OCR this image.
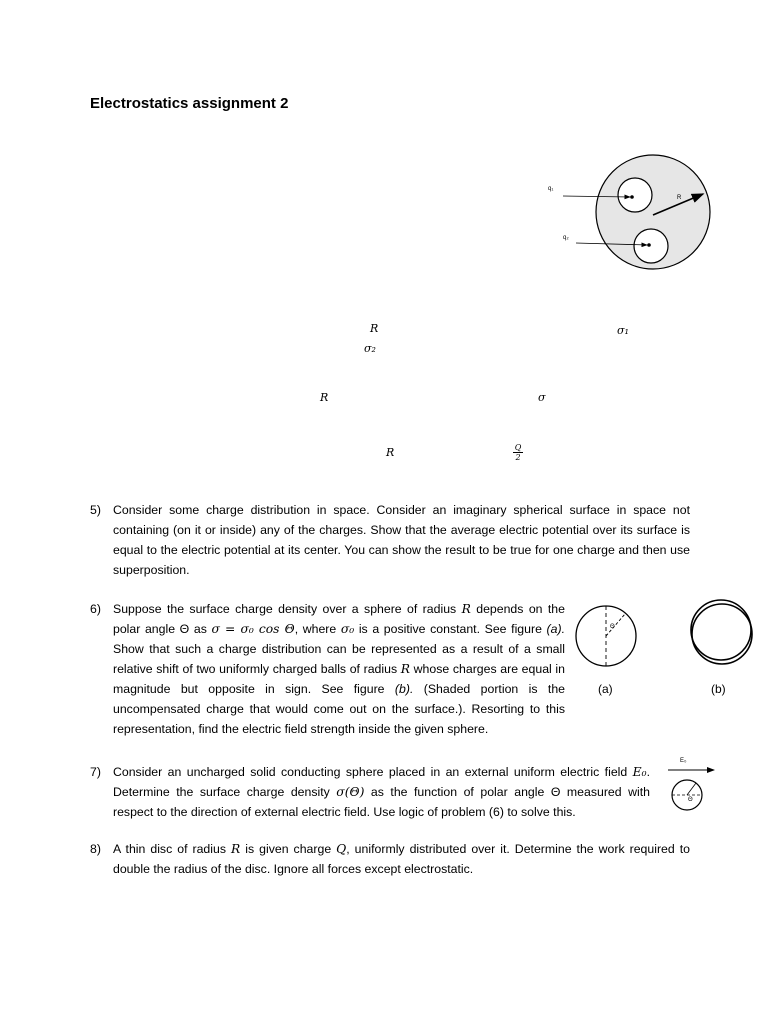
Electrostatics assignment 2
q₁
q₂
R
R	σ₁
σ₂
R	σ
R	Q
2
5) Consider some charge distribution in space. Consider an imaginary spherical surface in space not containing (on it or inside) any of the charges. Show that the average electric potential over its surface is equal to the electric potential at its center. You can show the result to be true for one charge and then use superposition.
6) Suppose the surface charge density over a sphere of radius R depends on the polar angle Θ as σ = σ₀ cos Θ, where σ₀ is a positive constant. See figure (a). Show that such a charge distribution can be represented as a result of a small relative shift of two uniformly charged balls of radius R whose charges are equal in magnitude but opposite in sign. See figure (b). (Shaded portion is the uncompensated charge that would come out on the surface.). Resorting to this representation, find the electric field strength inside the given sphere.
Θ
(a)	(b)
7) Consider an uncharged solid conducting sphere placed in an external uniform electric field E₀. Determine the surface charge density σ(Θ) as the function of polar angle Θ measured with respect to the direction of external electric field. Use logic of problem (6) to solve this.
E₀
Θ
8) A thin disc of radius R is given charge Q, uniformly distributed over it. Determine the work required to double the radius of the disc. Ignore all forces except electrostatic.
